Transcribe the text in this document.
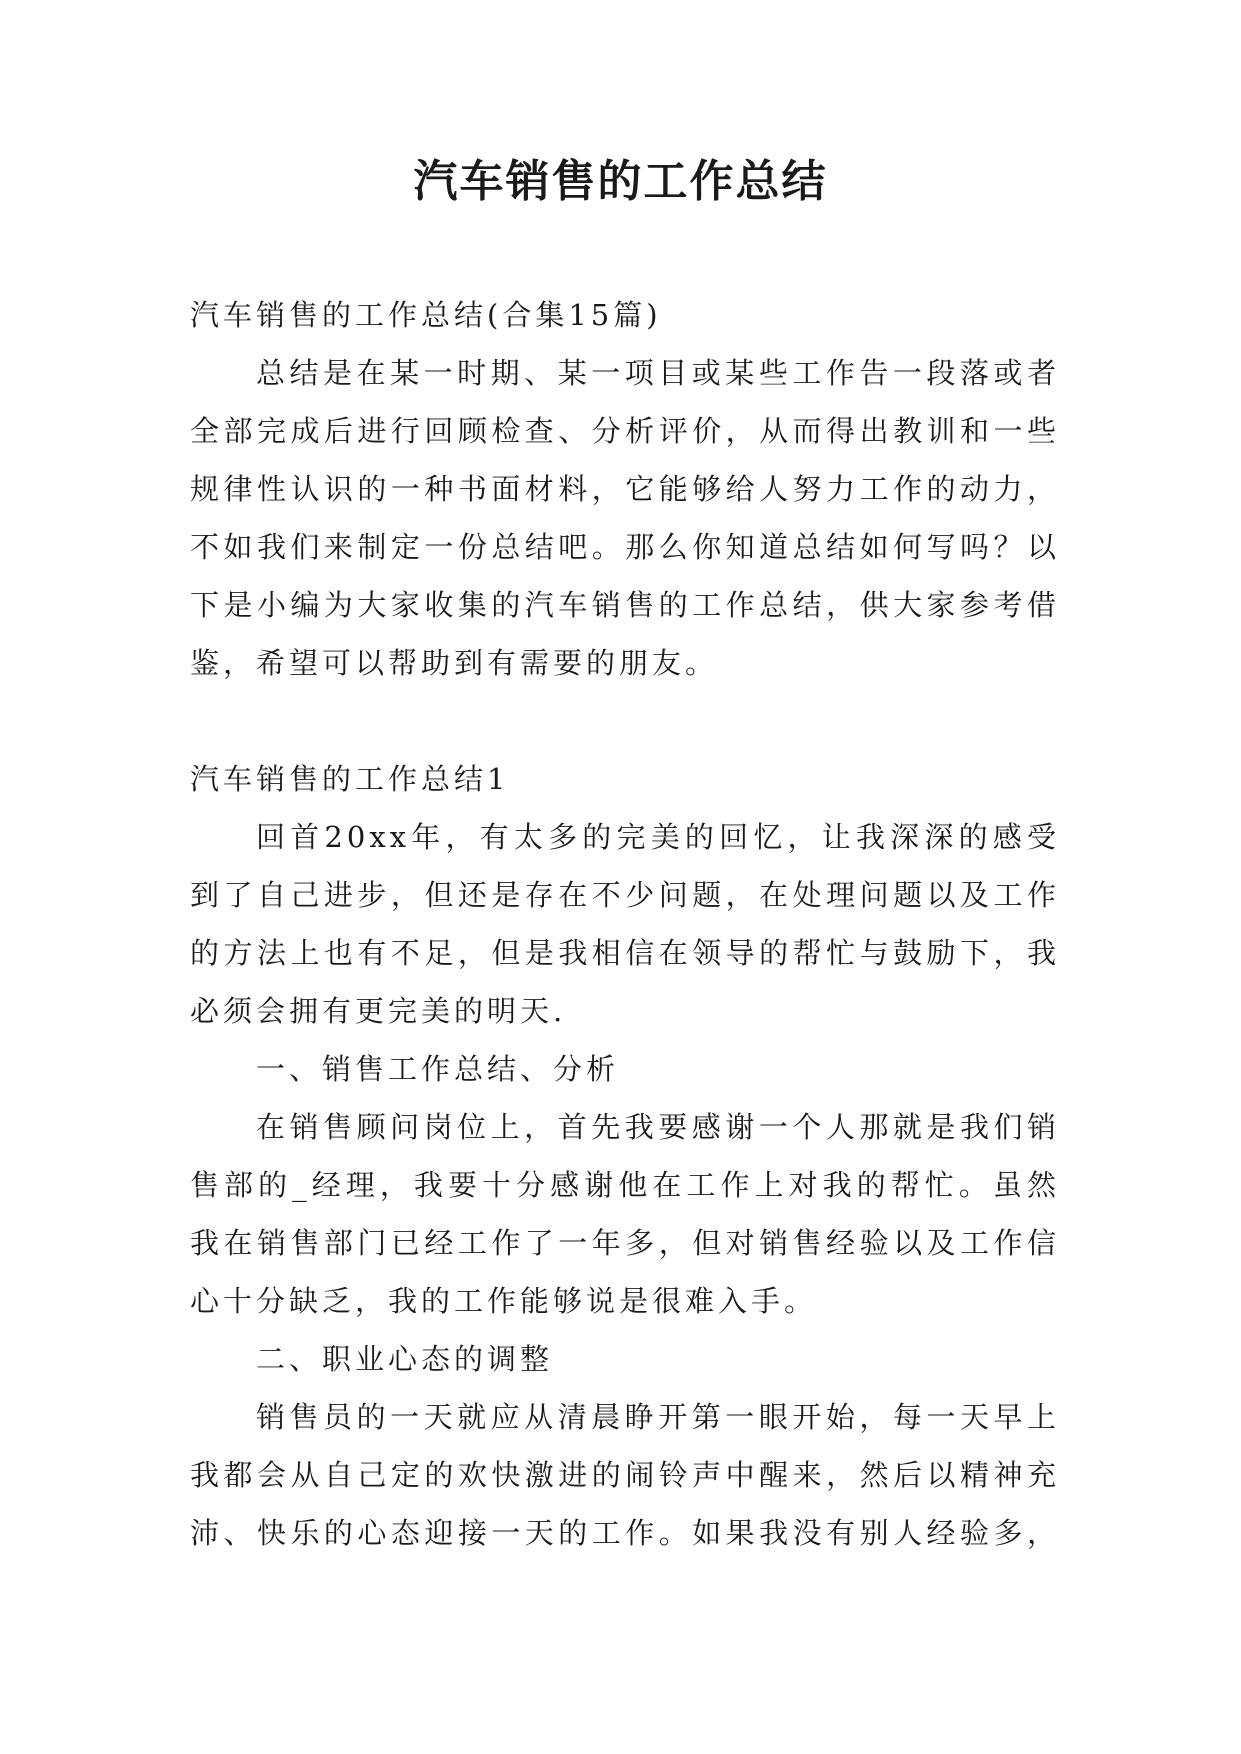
汽车销售的工作总结
汽车销售的工作总结(合集15篇)
总结是在某一时期、某一项目或某些工作告一段落或者
全部完成后进行回顾检查、分析评价，从而得出教训和一些
规律性认识的一种书面材料，它能够给人努力工作的动力，
不如我们来制定一份总结吧。那么你知道总结如何写吗？以
下是小编为大家收集的汽车销售的工作总结，供大家参考借
鉴，希望可以帮助到有需要的朋友。
汽车销售的工作总结1
回首20xx年，有太多的完美的回忆，让我深深的感受
到了自己进步，但还是存在不少问题，在处理问题以及工作
的方法上也有不足，但是我相信在领导的帮忙与鼓励下，我
必须会拥有更完美的明天.
一、销售工作总结、分析
在销售顾问岗位上，首先我要感谢一个人那就是我们销
售部的_经理，我要十分感谢他在工作上对我的帮忙。虽然
我在销售部门已经工作了一年多，但对销售经验以及工作信
心十分缺乏，我的工作能够说是很难入手。
二、职业心态的调整
销售员的一天就应从清晨睁开第一眼开始，每一天早上
我都会从自己定的欢快激进的闹铃声中醒来，然后以精神充
沛、快乐的心态迎接一天的工作。如果我没有别人经验多，
